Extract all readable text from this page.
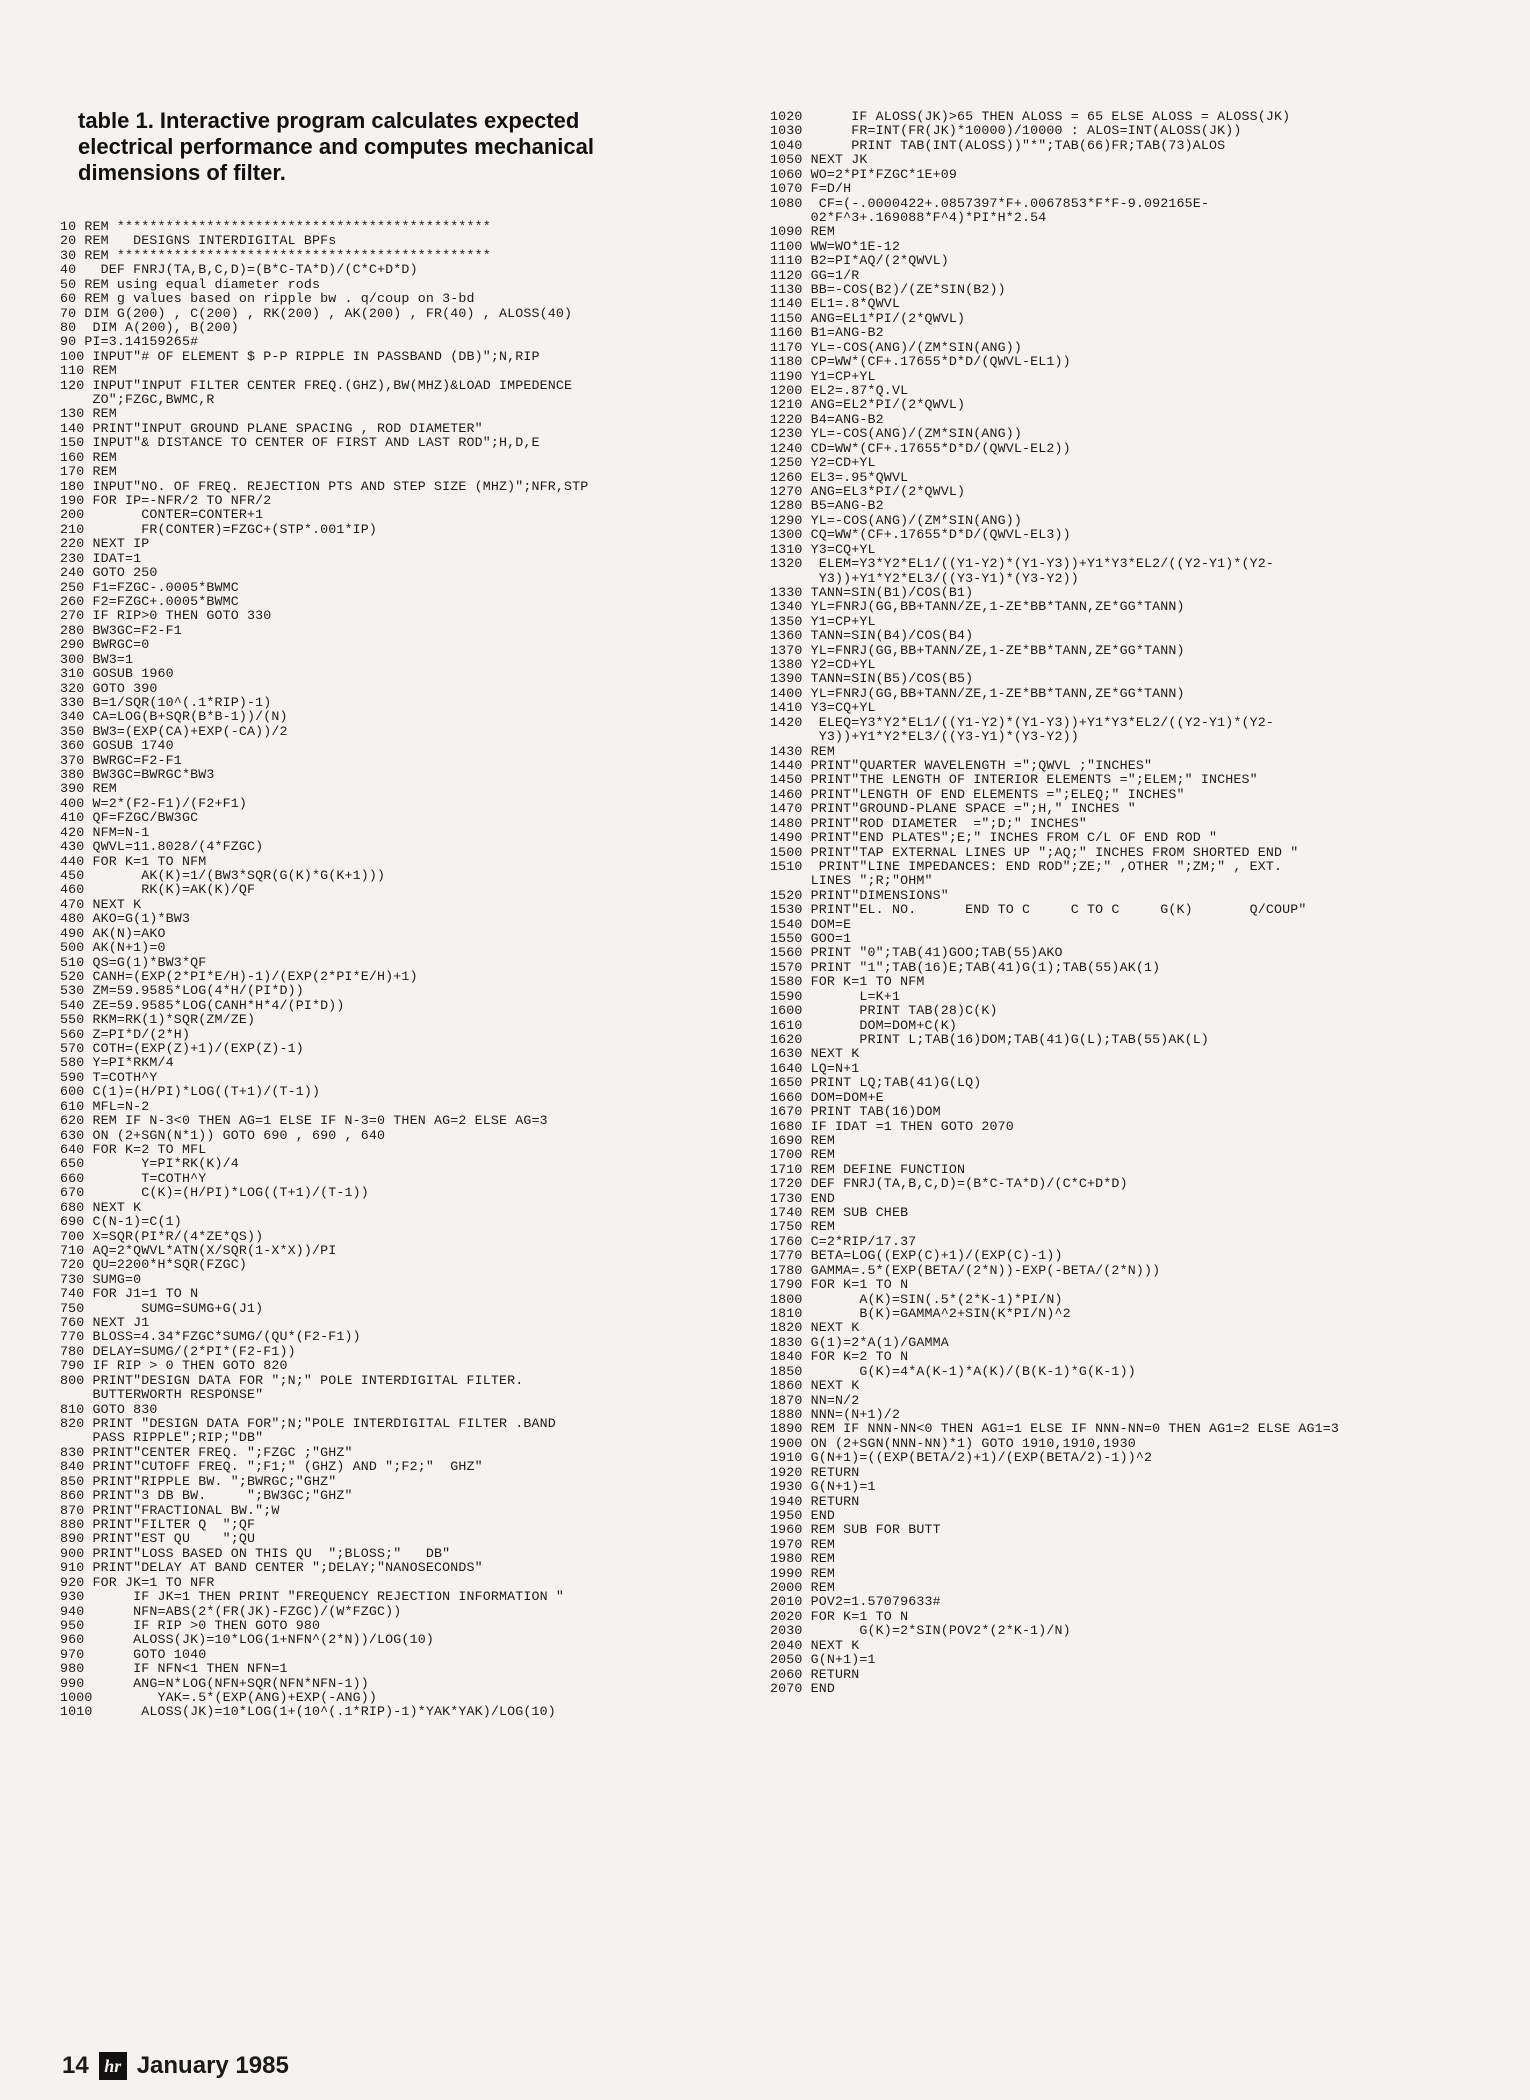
table 1. Interactive program calculates expected electrical performance and computes mechanical dimensions of filter.
10 REM **********************************************
20 REM   DESIGNS INTERDIGITAL BPFs
30 REM **********************************************
40   DEF FNRJ(TA,B,C,D)=(B*C-TA*D)/(C*C+D*D)
50 REM using equal diameter rods
60 REM g values based on ripple bw . q/coup on 3-bd
70 DIM G(200) , C(200) , RK(200) , AK(200) , FR(40) , ALOSS(40)
80  DIM A(200), B(200)
90 PI=3.14159265#
100 INPUT"# OF ELEMENT $ P-P RIPPLE IN PASSBAND (DB)";N,RIP
110 REM
120 INPUT"INPUT FILTER CENTER FREQ.(GHZ),BW(MHZ)&LOAD IMPEDENCE
ZO";FZGC,BWMC,R
130 REM
140 PRINT"INPUT GROUND PLANE SPACING , ROD DIAMETER"
150 INPUT"& DISTANCE TO CENTER OF FIRST AND LAST ROD";H,D,E
160 REM
170 REM
180 INPUT"NO. OF FREQ. REJECTION PTS AND STEP SIZE (MHZ)";NFR,STP
190 FOR IP=-NFR/2 TO NFR/2
200       CONTER=CONTER+1
210       FR(CONTER)=FZGC+(STP*.001*IP)
220 NEXT IP
230 IDAT=1
240 GOTO 250
250 F1=FZGC-.0005*BWMC
260 F2=FZGC+.0005*BWMC
270 IF RIP>0 THEN GOTO 330
280 BW3GC=F2-F1
290 BWRGC=0
300 BW3=1
310 GOSUB 1960
320 GOTO 390
330 B=1/SQR(10^(.1*RIP)-1)
340 CA=LOG(B+SQR(B*B-1))/(N)
350 BW3=(EXP(CA)+EXP(-CA))/2
360 GOSUB 1740
370 BWRGC=F2-F1
380 BW3GC=BWRGC*BW3
390 REM
400 W=2*(F2-F1)/(F2+F1)
410 QF=FZGC/BW3GC
420 NFM=N-1
430 QWVL=11.8028/(4*FZGC)
440 FOR K=1 TO NFM
450       AK(K)=1/(BW3*SQR(G(K)*G(K+1)))
460       RK(K)=AK(K)/QF
470 NEXT K
480 AKO=G(1)*BW3
490 AK(N)=AKO
500 AK(N+1)=0
510 QS=G(1)*BW3*QF
520 CANH=(EXP(2*PI*E/H)-1)/(EXP(2*PI*E/H)+1)
530 ZM=59.9585*LOG(4*H/(PI*D))
540 ZE=59.9585*LOG(CANH*H*4/(PI*D))
550 RKM=RK(1)*SQR(ZM/ZE)
560 Z=PI*D/(2*H)
570 COTH=(EXP(Z)+1)/(EXP(Z)-1)
580 Y=PI*RKM/4
590 T=COTH^Y
600 C(1)=(H/PI)*LOG((T+1)/(T-1))
610 MFL=N-2
620 REM IF N-3<0 THEN AG=1 ELSE IF N-3=0 THEN AG=2 ELSE AG=3
630 ON (2+SGN(N*1)) GOTO 690 , 690 , 640
640 FOR K=2 TO MFL
650       Y=PI*RK(K)/4
660       T=COTH^Y
670       C(K)=(H/PI)*LOG((T+1)/(T-1))
680 NEXT K
690 C(N-1)=C(1)
700 X=SQR(PI*R/(4*ZE*QS))
710 AQ=2*QWVL*ATN(X/SQR(1-X*X))/PI
720 QU=2200*H*SQR(FZGC)
730 SUMG=0
740 FOR J1=1 TO N
750       SUMG=SUMG+G(J1)
760 NEXT J1
770 BLOSS=4.34*FZGC*SUMG/(QU*(F2-F1))
780 DELAY=SUMG/(2*PI*(F2-F1))
790 IF RIP > 0 THEN GOTO 820
800 PRINT"DESIGN DATA FOR ";N;" POLE INTERDIGITAL FILTER.
BUTTERWORTH RESPONSE"
810 GOTO 830
820 PRINT "DESIGN DATA FOR";N;"POLE INTERDIGITAL FILTER .BAND
PASS RIPPLE";RIP;"DB"
830 PRINT"CENTER FREQ. ";FZGC ;"GHZ"
840 PRINT"CUTOFF FREQ. ";F1;" (GHZ) AND ";F2;"  GHZ"
850 PRINT"RIPPLE BW. ";BWRGC;"GHZ"
860 PRINT"3 DB BW.     ";BW3GC;"GHZ"
870 PRINT"FRACTIONAL BW.";W
880 PRINT"FILTER Q  ";QF
890 PRINT"EST QU    ";QU
900 PRINT"LOSS BASED ON THIS QU  ";BLOSS;"   DB"
910 PRINT"DELAY AT BAND CENTER ";DELAY;"NANOSECONDS"
920 FOR JK=1 TO NFR
930      IF JK=1 THEN PRINT "FREQUENCY REJECTION INFORMATION "
940      NFN=ABS(2*(FR(JK)-FZGC)/(W*FZGC))
950      IF RIP >0 THEN GOTO 980
960      ALOSS(JK)=10*LOG(1+NFN^(2*N))/LOG(10)
970      GOTO 1040
980      IF NFN<1 THEN NFN=1
990      ANG=N*LOG(NFN+SQR(NFN*NFN-1))
1000        YAK=.5*(EXP(ANG)+EXP(-ANG))
1010      ALOSS(JK)=10*LOG(1+(10^(.1*RIP)-1)*YAK*YAK)/LOG(10)

1020      IF ALOSS(JK)>65 THEN ALOSS = 65 ELSE ALOSS = ALOSS(JK)
1030      FR=INT(FR(JK)*10000)/10000 : ALOS=INT(ALOSS(JK))
1040      PRINT TAB(INT(ALOSS))"*";TAB(66)FR;TAB(73)ALOS
1050 NEXT JK
1060 WO=2*PI*FZGC*1E+09
1070 F=D/H
1080  CF=(-.0000422+.0857397*F+.0067853*F*F-9.092165E-
02*F^3+.169088*F^4)*PI*H*2.54
1090 REM
1100 WW=WO*1E-12
1110 B2=PI*AQ/(2*QWVL)
1120 GG=1/R
1130 BB=-COS(B2)/(ZE*SIN(B2))
1140 EL1=.8*QWVL
1150 ANG=EL1*PI/(2*QWVL)
1160 B1=ANG-B2
1170 YL=-COS(ANG)/(ZM*SIN(ANG))
1180 CP=WW*(CF+.17655*D*D/(QWVL-EL1))
1190 Y1=CP+YL
1200 EL2=.87*Q.VL
1210 ANG=EL2*PI/(2*QWVL)
1220 B4=ANG-B2
1230 YL=-COS(ANG)/(ZM*SIN(ANG))
1240 CD=WW*(CF+.17655*D*D/(QWVL-EL2))
1250 Y2=CD+YL
1260 EL3=.95*QWVL
1270 ANG=EL3*PI/(2*QWVL)
1280 B5=ANG-B2
1290 YL=-COS(ANG)/(ZM*SIN(ANG))
1300 CQ=WW*(CF+.17655*D*D/(QWVL-EL3))
1310 Y3=CQ+YL
1320  ELEM=Y3*Y2*EL1/((Y1-Y2)*(Y1-Y3))+Y1*Y3*EL2/((Y2-Y1)*(Y2-
Y3))+Y1*Y2*EL3/((Y3-Y1)*(Y3-Y2))
1330 TANN=SIN(B1)/COS(B1)
1340 YL=FNRJ(GG,BB+TANN/ZE,1-ZE*BB*TANN,ZE*GG*TANN)
1350 Y1=CP+YL
1360 TANN=SIN(B4)/COS(B4)
1370 YL=FNRJ(GG,BB+TANN/ZE,1-ZE*BB*TANN,ZE*GG*TANN)
1380 Y2=CD+YL
1390 TANN=SIN(B5)/COS(B5)
1400 YL=FNRJ(GG,BB+TANN/ZE,1-ZE*BB*TANN,ZE*GG*TANN)
1410 Y3=CQ+YL
1420  ELEQ=Y3*Y2*EL1/((Y1-Y2)*(Y1-Y3))+Y1*Y3*EL2/((Y2-Y1)*(Y2-
Y3))+Y1*Y2*EL3/((Y3-Y1)*(Y3-Y2))
1430 REM
1440 PRINT"QUARTER WAVELENGTH =";QWVL ;"INCHES"
1450 PRINT"THE LENGTH OF INTERIOR ELEMENTS =";ELEM;" INCHES"
1460 PRINT"LENGTH OF END ELEMENTS =";ELEQ;" INCHES"
1470 PRINT"GROUND-PLANE SPACE =";H," INCHES "
1480 PRINT"ROD DIAMETER  =";D;" INCHES"
1490 PRINT"END PLATES";E;" INCHES FROM C/L OF END ROD "
1500 PRINT"TAP EXTERNAL LINES UP ";AQ;" INCHES FROM SHORTED END "
1510  PRINT"LINE IMPEDANCES: END ROD";ZE;" ,OTHER ";ZM;" , EXT.
LINES ";R;"OHM"
1520 PRINT"DIMENSIONS"
1530 PRINT"EL. NO.      END TO C     C TO C     G(K)       Q/COUP"
1540 DOM=E
1550 GOO=1
1560 PRINT "0";TAB(41)GOO;TAB(55)AKO
1570 PRINT "1";TAB(16)E;TAB(41)G(1);TAB(55)AK(1)
1580 FOR K=1 TO NFM
1590       L=K+1
1600       PRINT TAB(28)C(K)
1610       DOM=DOM+C(K)
1620       PRINT L;TAB(16)DOM;TAB(41)G(L);TAB(55)AK(L)
1630 NEXT K
1640 LQ=N+1
1650 PRINT LQ;TAB(41)G(LQ)
1660 DOM=DOM+E
1670 PRINT TAB(16)DOM
1680 IF IDAT =1 THEN GOTO 2070
1690 REM
1700 REM
1710 REM DEFINE FUNCTION
1720 DEF FNRJ(TA,B,C,D)=(B*C-TA*D)/(C*C+D*D)
1730 END
1740 REM SUB CHEB
1750 REM
1760 C=2*RIP/17.37
1770 BETA=LOG((EXP(C)+1)/(EXP(C)-1))
1780 GAMMA=.5*(EXP(BETA/(2*N))-EXP(-BETA/(2*N)))
1790 FOR K=1 TO N
1800       A(K)=SIN(.5*(2*K-1)*PI/N)
1810       B(K)=GAMMA^2+SIN(K*PI/N)^2
1820 NEXT K
1830 G(1)=2*A(1)/GAMMA
1840 FOR K=2 TO N
1850       G(K)=4*A(K-1)*A(K)/(B(K-1)*G(K-1))
1860 NEXT K
1870 NN=N/2
1880 NNN=(N+1)/2
1890 REM IF NNN-NN<0 THEN AG1=1 ELSE IF NNN-NN=0 THEN AG1=2 ELSE AG1=3
1900 ON (2+SGN(NNN-NN)*1) GOTO 1910,1910,1930
1910 G(N+1)=((EXP(BETA/2)+1)/(EXP(BETA/2)-1))^2
1920 RETURN
1930 G(N+1)=1
1940 RETURN
1950 END
1960 REM SUB FOR BUTT
1970 REM
1980 REM
1990 REM
2000 REM
2010 POV2=1.57079633#
2020 FOR K=1 TO N
2030       G(K)=2*SIN(POV2*(2*K-1)/N)
2040 NEXT K
2050 G(N+1)=1
2060 RETURN
2070 END

14 hr January 1985
